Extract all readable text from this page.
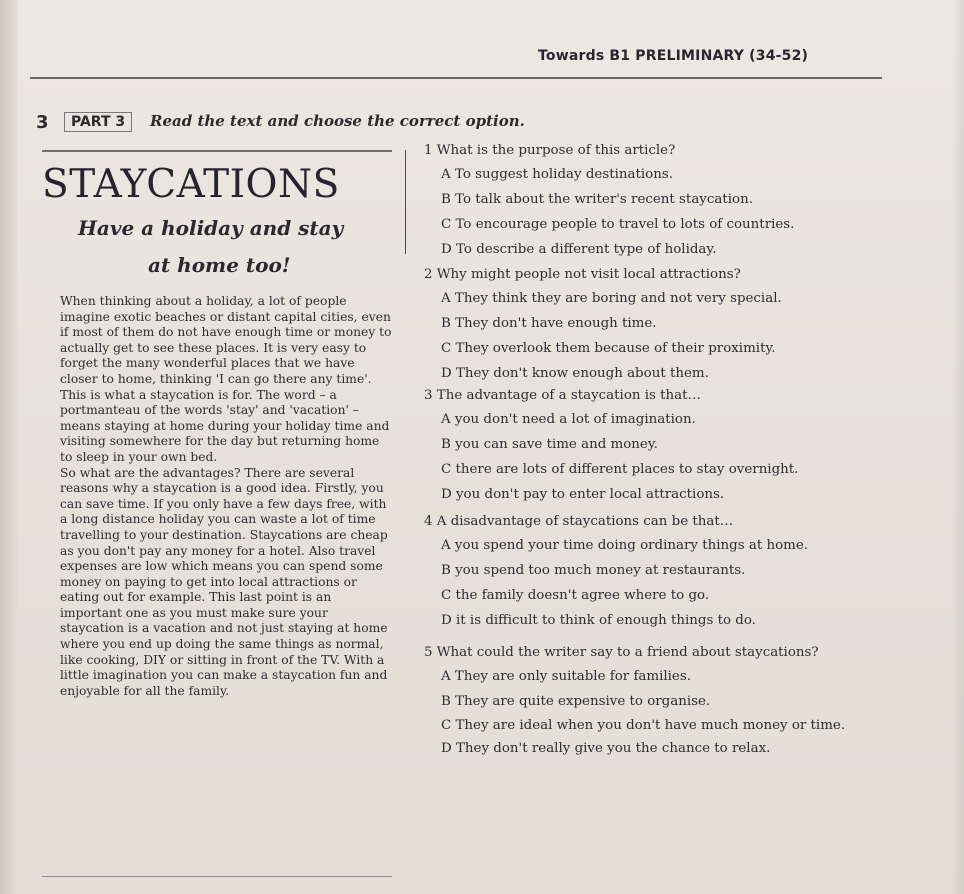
Towards B1 PRELIMINARY (34-52)
3	PART 3	Read the text and choose the correct option.
STAYCATIONS
Have a holiday and stay
at home too!

When thinking about a holiday, a lot of people imagine exotic beaches or distant capital cities, even if most of them do not have enough time or money to actually get to see these places. It is very easy to forget the many wonderful places that we have closer to home, thinking 'I can go there any time'. This is what a staycation is for. The word – a portmanteau of the words 'stay' and 'vacation' – means staying at home during your holiday time and visiting somewhere for the day but returning home to sleep in your own bed.

So what are the advantages? There are several reasons why a staycation is a good idea. Firstly, you can save time. If you only have a few days free, with a long distance holiday you can waste a lot of time travelling to your destination. Staycations are cheap as you don't pay any money for a hotel. Also travel expenses are low which means you can spend some money on paying to get into local attractions or eating out for example. This last point is an important one as you must make sure your staycation is a vacation and not just staying at home where you end up doing the same things as normal, like cooking, DIY or sitting in front of the TV. With a little imagination you can make a staycation fun and enjoyable for all the family.

1 What is the purpose of this article?
A To suggest holiday destinations.
B To talk about the writer's recent staycation.
C To encourage people to travel to lots of countries.
D To describe a different type of holiday.
2 Why might people not visit local attractions?
A They think they are boring and not very special.
B They don't have enough time.
C They overlook them because of their proximity.
D They don't know enough about them.
3 The advantage of a staycation is that…
A you don't need a lot of imagination.
B you can save time and money.
C there are lots of different places to stay overnight.
D you don't pay to enter local attractions.
4 A disadvantage of staycations can be that…
A you spend your time doing ordinary things at home.
B you spend too much money at restaurants.
C the family doesn't agree where to go.
D it is difficult to think of enough things to do.
5 What could the writer say to a friend about staycations?
A They are only suitable for families.
B They are quite expensive to organise.
C They are ideal when you don't have much money or time.
D They don't really give you the chance to relax.
